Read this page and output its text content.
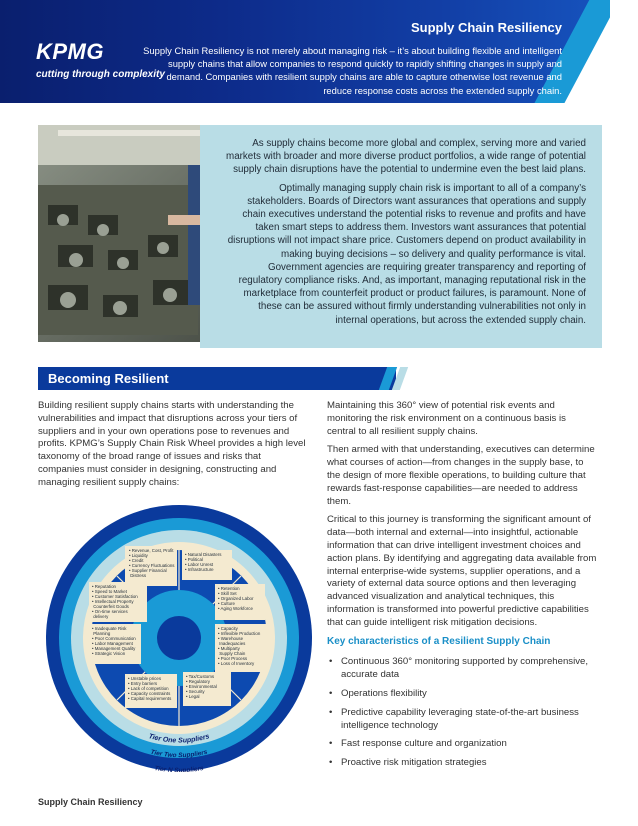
KPMG
cutting through complexity
Supply Chain Resiliency
Supply Chain Resiliency is not merely about managing risk – it’s about building flexible and intelligent supply chains that allow companies to respond quickly to rapidly shifting changes in supply and demand. Companies with resilient supply chains are able to capture otherwise lost revenue and reduce response costs across the extended supply chain.

As supply chains become more global and complex, serving more and varied markets with broader and more diverse product portfolios, a wide range of potential supply chain disruptions have the potential to undermine even the best laid plans.

Optimally managing supply chain risk is important to all of a company’s stakeholders. Boards of Directors want assurances that operations and supply chain executives understand the potential risks to revenue and profits and have taken smart steps to address them. Investors want assurances that potential disruptions will not impact share price. Customers depend on product availability in making buying decisions – so delivery and quality performance is vital. Government agencies are requiring greater transparency and reporting of regulatory compliance risks. And, as important, managing reputational risk in the marketplace from counterfeit product or product failures, is paramount. None of these can be assured without firmly understanding vulnerabilities not only in internal operations, but across the extended supply chain.

Becoming Resilient

Building resilient supply chains starts with understanding the vulnerabilities and impact that disruptions across your tiers of suppliers and in your own operations pose to revenues and profits. KPMG’s Supply Chain Risk Wheel provides a high level taxonomy of the broad range of issues and risks that companies must consider in designing, constructing and managing resilient supply chains:

• Revenue, Cost, Profit • Liquidity • Credit • Currency Fluctuations • Supplier Financial Distress
• Natural Disasters • Political • Labor Unrest • Infrastructure
• Retention • Skill Set • Organized Labor • Culture • Aging Workforce
• Capacity • Inflexible Production • Warehouse Inadequacies • Multiparty Supply Chain • Poor Process • Loss of Inventory
• Tax/Customs • Regulatory • Environmental • Security • Legal
• Unstable prices • Entry barriers • Lack of competition • Capacity constraints • Capital requirements
• Inadequate Risk Planning • Poor Communication • Labor Management • Management Quality • Strategic Vision
• Reputation • Speed to Market • Customer Satisfaction • Intellectual Property Counterfeit Goods • On-time services delivery
Tier One Suppliers
Tier Two Suppliers
Tier N Suppliers

Maintaining this 360° view of potential risk events and monitoring the risk environment on a continuous basis is central to all resilient supply chains.

Then armed with that understanding, executives can determine what courses of action—from changes in the supply base, to the design of more flexible operations, to building culture that rewards fast-response capabilities—are needed to address them.

Critical to this journey is transforming the significant amount of data—both internal and external—into insightful, actionable information that can drive intelligent investment choices and action plans. By identifying and aggregating data available from internal enterprise-wide systems, supplier operations, and a variety of external data source options and then leveraging advanced visualization and analytical techniques, this information is transformed into powerful predictive capabilities that can guide intelligent risk mitigation decisions.

Key characteristics of a Resilient Supply Chain
• Continuous 360° monitoring supported by comprehensive, accurate data
• Operations flexibility
• Predictive capability leveraging state-of-the-art business intelligence technology
• Fast response culture and organization
• Proactive risk mitigation strategies
Supply Chain Resiliency
